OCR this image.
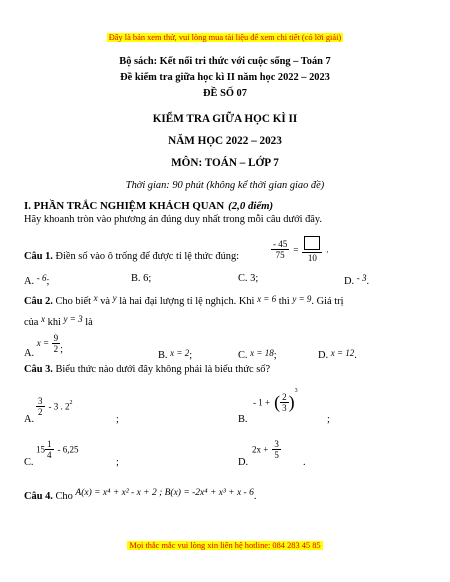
Đây là bản xem thử, vui lòng mua tài liệu để xem chi tiết (có lời giải)
Bộ sách: Kết nối tri thức với cuộc sống – Toán 7
Đề kiểm tra giữa học kì II năm học 2022 – 2023
ĐỀ SỐ 07
KIỂM TRA GIỮA HỌC KÌ II
NĂM HỌC 2022 – 2023
MÔN: TOÁN – LỚP 7
Thời gian: 90 phút (không kể thời gian giao đề)
I. PHẦN TRẮC NGHIỆM KHÁCH QUAN (2,0 điểm)
Hãy khoanh tròn vào phương án đúng duy nhất trong mỗi câu dưới đây.
Câu 1. Điền số vào ô trống để được tỉ lệ thức đúng:	$\frac{- 45}{75}$ =
10
.
A. - 6;	B. 6;	C. 3;	D. - 3.
Câu 2. Cho biết x và y là hai đại lượng tỉ lệ nghịch. Khi x = 6 thì y = 9. Giá trị
của x khi y = 3 là
A. $x = \frac{9}{2}$ ;
B. x = 2;	C. x = 18;	D. x = 12.
Câu 3. Biểu thức nào dưới đây không phải là biểu thức số?
$\frac{3}{2} - 3$ . $2^2$
A.	;
- 1 + ( $\frac{2}{3} )^3$
B.	;
$15 \frac{1}{4} - 6,25$
C.	;
$2x + \frac{3}{5}$
D.	.
Câu 4. Cho A(x) = x⁴ + x² - x + 2 ; B(x) = -2x⁴ + x³ + x - 6.
Mọi thắc mắc vui lòng xin liên hệ hotline: 084 283 45 85
